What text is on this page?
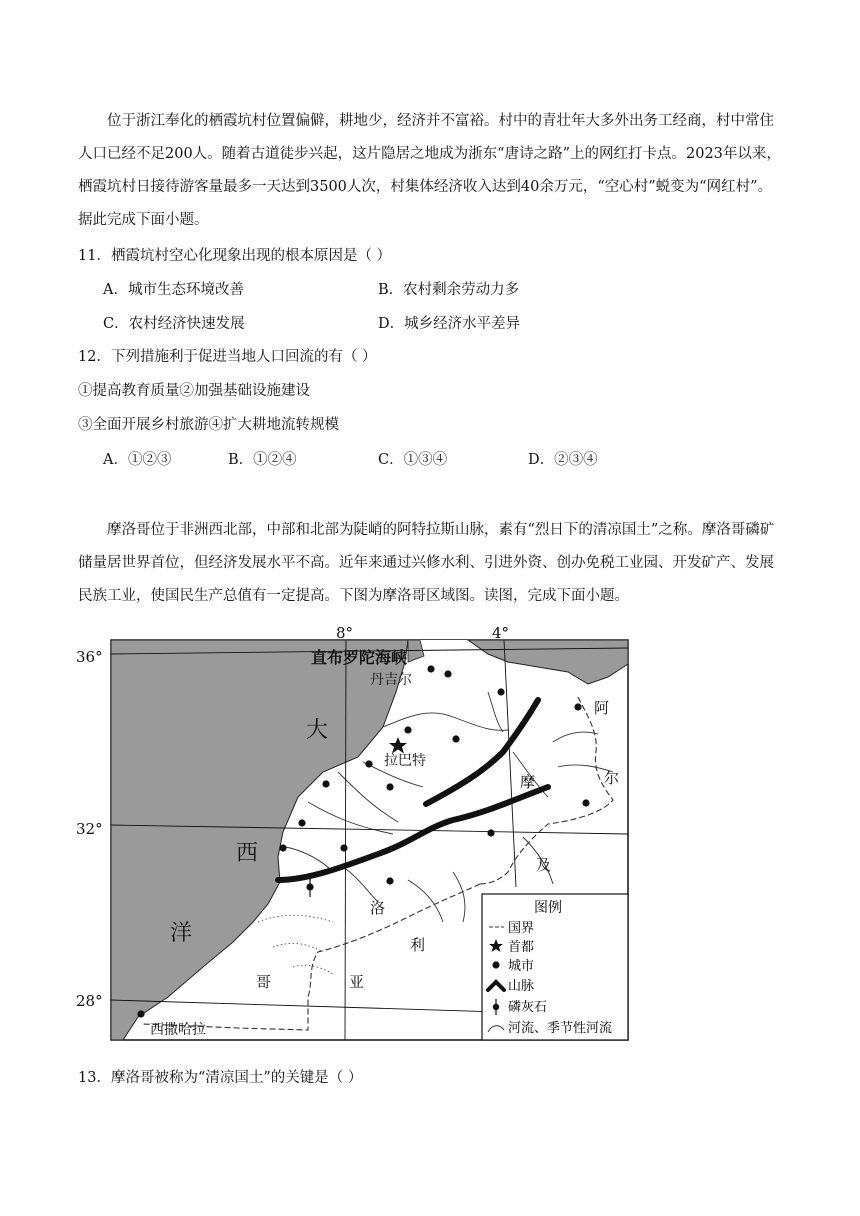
位于浙江奉化的栖霞坑村位置偏僻，耕地少，经济并不富裕。村中的青壮年大多外出务工经商，村中常住人口已经不足200人。随着古道徒步兴起，这片隐居之地成为浙东“唐诗之路”上的网红打卡点。2023年以来，栖霞坑村日接待游客量最多一天达到3500人次，村集体经济收入达到40余万元，“空心村”蜕变为“网红村”。据此完成下面小题。

11．栖霞坑村空心化现象出现的根本原因是（ ）
A．城市生态环境改善	B．农村剩余劳动力多
C．农村经济快速发展	D．城乡经济水平差异
12．下列措施利于促进当地人口回流的有（ ）
①提高教育质量②加强基础设施建设
③全面开展乡村旅游④扩大耕地流转规模
A．①②③	B．①②④	C．①③④	D．②③④

摩洛哥位于非洲西北部，中部和北部为陡峭的阿特拉斯山脉，素有“烈日下的清凉国土”之称。摩洛哥磷矿储量居世界首位，但经济发展水平不高。近年来通过兴修水利、引进外资、创办免税工业园、开发矿产、发展民族工业，使国民生产总值有一定提高。下图为摩洛哥区域图。读图，完成下面小题。

8°	4°
36°
32°
28°
直布罗陀海峡
丹吉尔
拉巴特
西撒哈拉
大
西
洋
摩
洛
哥
阿
尔
及
利
亚
图例
国界
首都
城市
山脉
磷灰石
河流、季节性河流
13．摩洛哥被称为“清凉国土”的关键是（ ）
